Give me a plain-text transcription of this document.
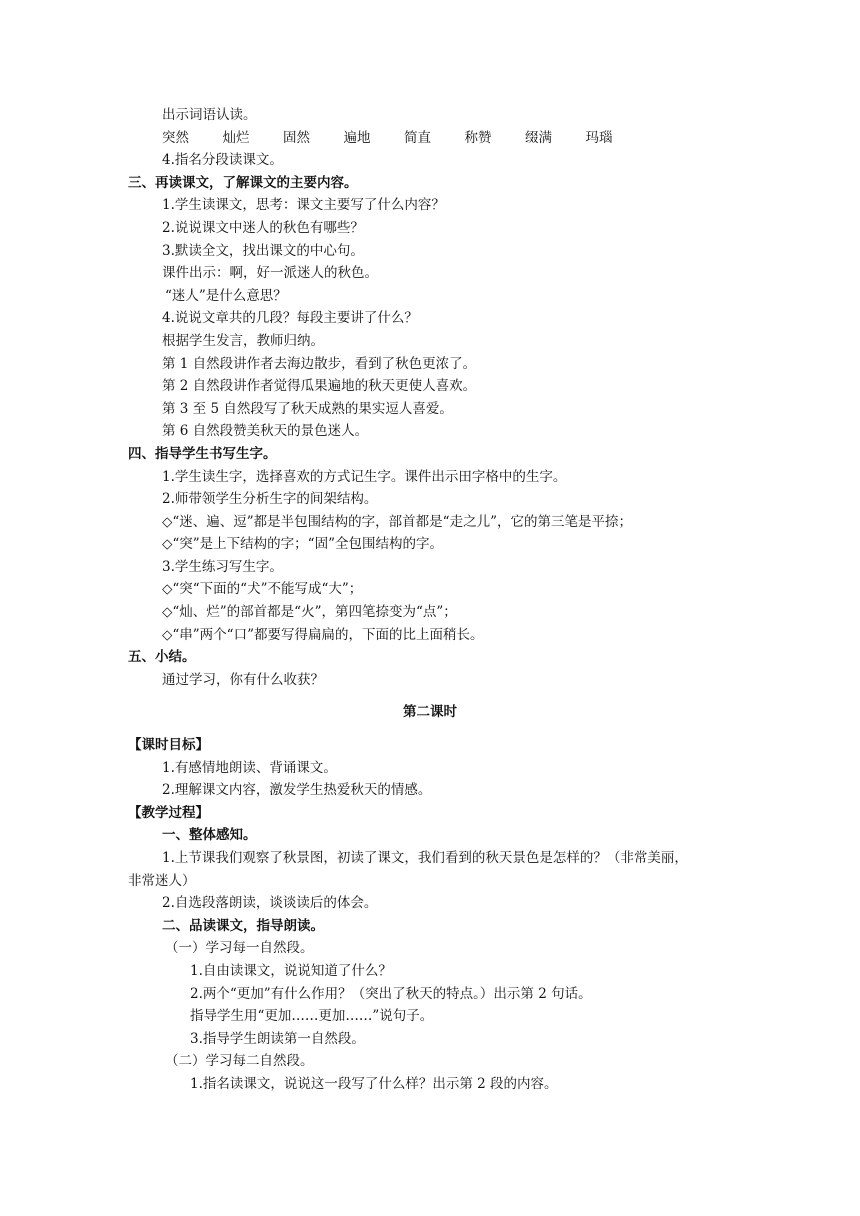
出示词语认读。
突然 灿烂 固然 遍地 简直 称赞 缀满 玛瑙
4.指名分段读课文。
三、再读课文，了解课文的主要内容。
1.学生读课文，思考：课文主要写了什么内容？
2.说说课文中迷人的秋色有哪些？
3.默读全文，找出课文的中心句。
课件出示：啊，好一派迷人的秋色。
“迷人”是什么意思？
4.说说文章共的几段？每段主要讲了什么？
根据学生发言，教师归纳。
第 1 自然段讲作者去海边散步，看到了秋色更浓了。
第 2 自然段讲作者觉得瓜果遍地的秋天更使人喜欢。
第 3 至 5 自然段写了秋天成熟的果实逗人喜爱。
第 6 自然段赞美秋天的景色迷人。
四、指导学生书写生字。
1.学生读生字，选择喜欢的方式记生字。课件出示田字格中的生字。
2.师带领学生分析生字的间架结构。
◇“迷、遍、逗”都是半包围结构的字，部首都是“走之儿”，它的第三笔是平捺；
◇“突”是上下结构的字；“固”全包围结构的字。
3.学生练习写生字。
◇“突“下面的“犬”不能写成“大”；
◇“灿、烂”的部首都是“火”，第四笔捺变为“点”；
◇“串”两个“口”都要写得扁扁的，下面的比上面稍长。
五、小结。
通过学习，你有什么收获？
第二课时
【课时目标】
1.有感情地朗读、背诵课文。
2.理解课文内容，激发学生热爱秋天的情感。
【教学过程】
一、整体感知。
1.上节课我们观察了秋景图，初读了课文，我们看到的秋天景色是怎样的？（非常美丽，
非常迷人）
2.自选段落朗读，谈谈读后的体会。
二、品读课文，指导朗读。
（一）学习每一自然段。
1.自由读课文，说说知道了什么？
2.两个“更加”有什么作用？（突出了秋天的特点。）出示第 2 句话。
指导学生用“更加……更加……”说句子。
3.指导学生朗读第一自然段。
（二）学习每二自然段。
1.指名读课文，说说这一段写了什么样？出示第 2 段的内容。
